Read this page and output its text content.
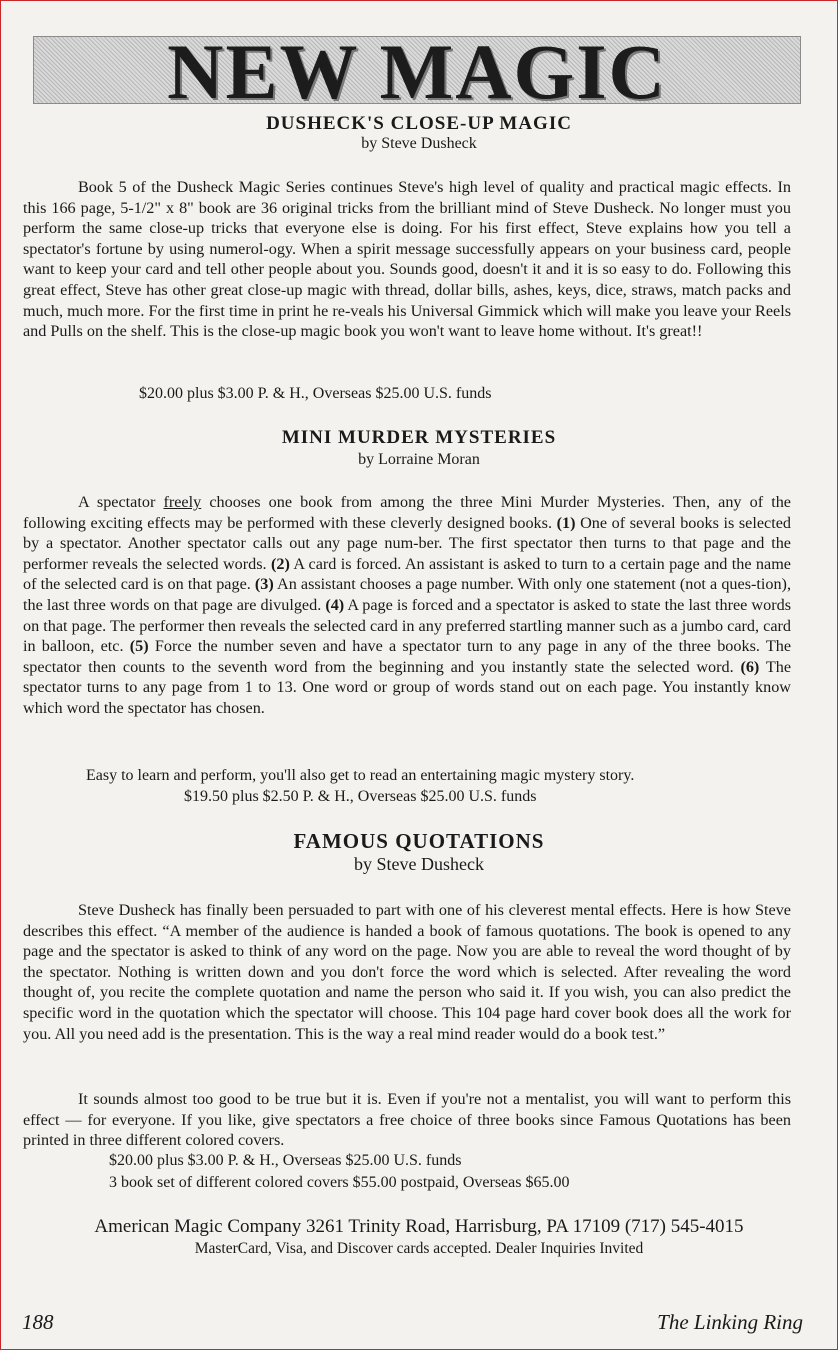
NEW MAGIC
DUSHECK'S CLOSE-UP MAGIC
by Steve Dusheck

Book 5 of the Dusheck Magic Series continues Steve's high level of quality and practical magic effects. In this 166 page, 5-1/2" x 8" book are 36 original tricks from the brilliant mind of Steve Dusheck. No longer must you perform the same close-up tricks that everyone else is doing. For his first effect, Steve explains how you tell a spectator's fortune by using numerol-ogy. When a spirit message successfully appears on your business card, people want to keep your card and tell other people about you. Sounds good, doesn't it and it is so easy to do. Following this great effect, Steve has other great close-up magic with thread, dollar bills, ashes, keys, dice, straws, match packs and much, much more. For the first time in print he re-veals his Universal Gimmick which will make you leave your Reels and Pulls on the shelf. This is the close-up magic book you won't want to leave home without. It's great!!

$20.00 plus $3.00 P. & H., Overseas $25.00 U.S. funds
MINI MURDER MYSTERIES
by Lorraine Moran

A spectator freely chooses one book from among the three Mini Murder Mysteries. Then, any of the following exciting effects may be performed with these cleverly designed books. (1) One of several books is selected by a spectator. Another spectator calls out any page num-ber. The first spectator then turns to that page and the performer reveals the selected words. (2) A card is forced. An assistant is asked to turn to a certain page and the name of the selected card is on that page. (3) An assistant chooses a page number. With only one statement (not a ques-tion), the last three words on that page are divulged. (4) A page is forced and a spectator is asked to state the last three words on that page. The performer then reveals the selected card in any preferred startling manner such as a jumbo card, card in balloon, etc. (5) Force the number seven and have a spectator turn to any page in any of the three books. The spectator then counts to the seventh word from the beginning and you instantly state the selected word. (6) The spectator turns to any page from 1 to 13. One word or group of words stand out on each page. You instantly know which word the spectator has chosen.

Easy to learn and perform, you'll also get to read an entertaining magic mystery story.
$19.50 plus $2.50 P. & H., Overseas $25.00 U.S. funds
FAMOUS QUOTATIONS
by Steve Dusheck

Steve Dusheck has finally been persuaded to part with one of his cleverest mental effects. Here is how Steve describes this effect. “A member of the audience is handed a book of famous quotations. The book is opened to any page and the spectator is asked to think of any word on the page. Now you are able to reveal the word thought of by the spectator. Nothing is written down and you don't force the word which is selected. After revealing the word thought of, you recite the complete quotation and name the person who said it. If you wish, you can also predict the specific word in the quotation which the spectator will choose. This 104 page hard cover book does all the work for you. All you need add is the presentation. This is the way a real mind reader would do a book test.”

It sounds almost too good to be true but it is. Even if you're not a mentalist, you will want to perform this effect — for everyone. If you like, give spectators a free choice of three books since Famous Quotations has been printed in three different colored covers.

$20.00 plus $3.00 P. & H., Overseas $25.00 U.S. funds
3 book set of different colored covers $55.00 postpaid, Overseas $65.00
American Magic Company 3261 Trinity Road, Harrisburg, PA 17109 (717) 545-4015
MasterCard, Visa, and Discover cards accepted. Dealer Inquiries Invited
188	The Linking Ring
